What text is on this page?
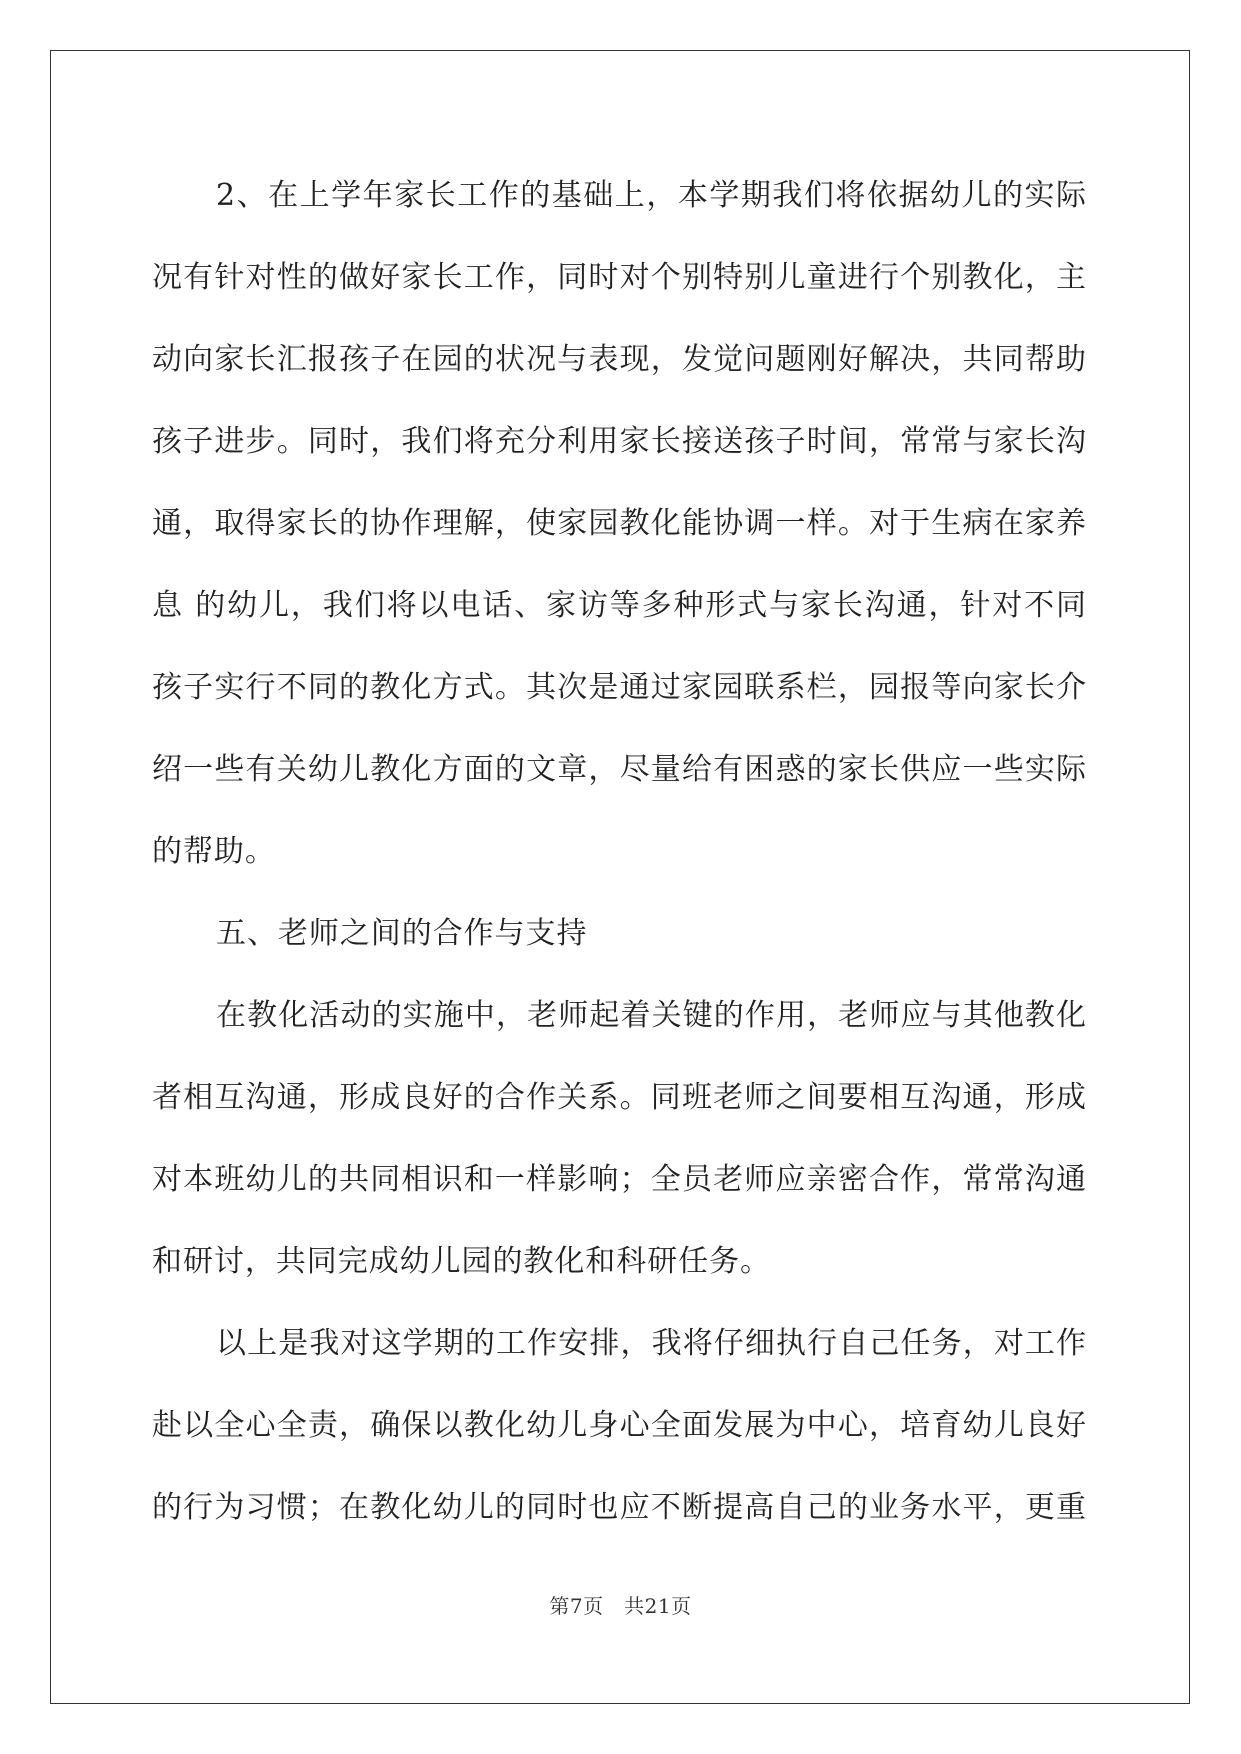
2、在上学年家长工作的基础上，本学期我们将依据幼儿的实际
况有针对性的做好家长工作，同时对个别特别儿童进行个别教化，主
动向家长汇报孩子在园的状况与表现，发觉问题刚好解决，共同帮助
孩子进步。同时，我们将充分利用家长接送孩子时间，常常与家长沟
通，取得家长的协作理解，使家园教化能协调一样。对于生病在家养
息 的幼儿，我们将以电话、家访等多种形式与家长沟通，针对不同
孩子实行不同的教化方式。其次是通过家园联系栏，园报等向家长介
绍一些有关幼儿教化方面的文章，尽量给有困惑的家长供应一些实际
的帮助。
五、老师之间的合作与支持
在教化活动的实施中，老师起着关键的作用，老师应与其他教化
者相互沟通，形成良好的合作关系。同班老师之间要相互沟通，形成
对本班幼儿的共同相识和一样影响；全员老师应亲密合作，常常沟通
和研讨，共同完成幼儿园的教化和科研任务。
以上是我对这学期的工作安排，我将仔细执行自己任务，对工作
赴以全心全责，确保以教化幼儿身心全面发展为中心，培育幼儿良好
的行为习惯；在教化幼儿的同时也应不断提高自己的业务水平，更重
第7页　共21页
